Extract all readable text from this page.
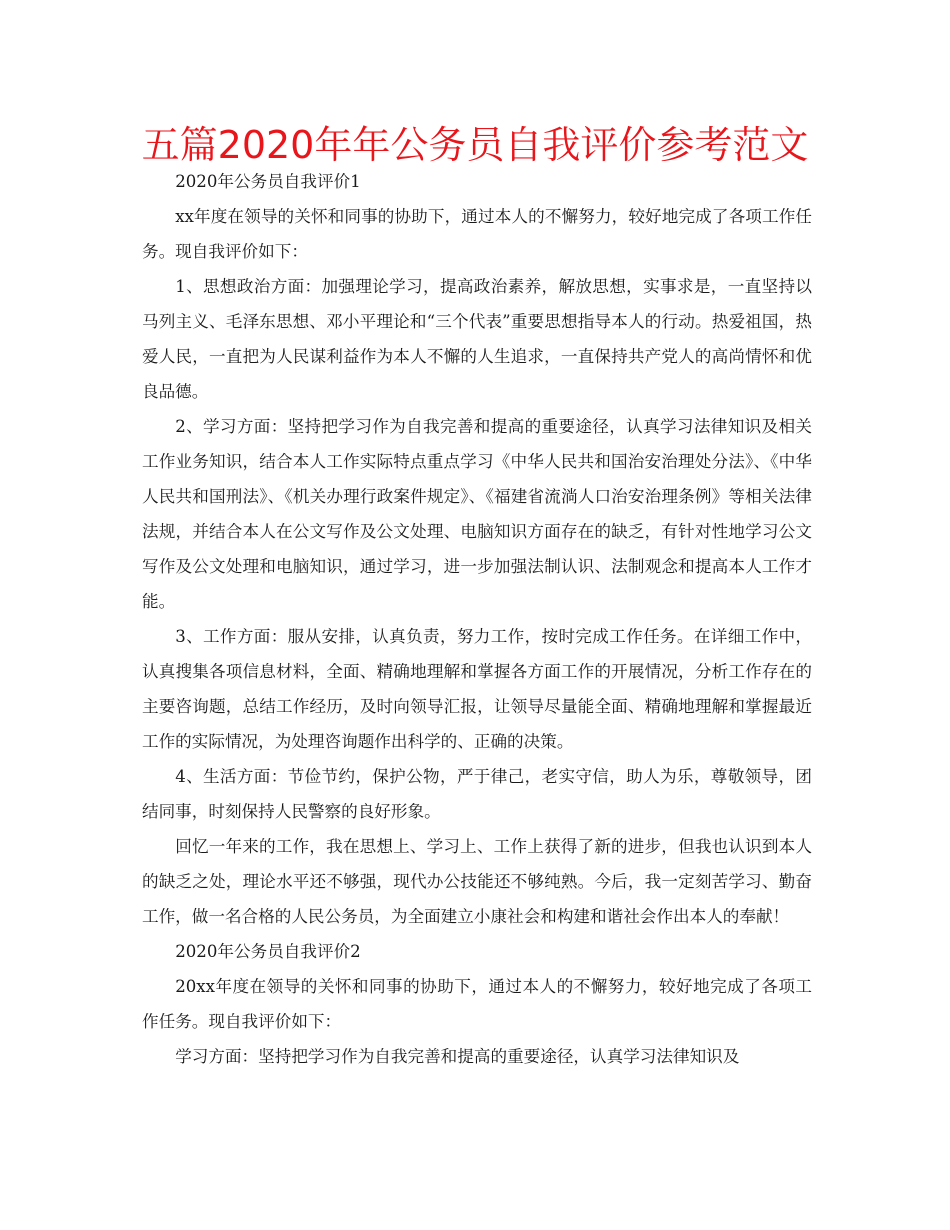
五篇2020年年公务员自我评价参考范文

2020年公务员自我评价1

xx年度在领导的关怀和同事的协助下，通过本人的不懈努力，较好地完成了各项工作任务。现自我评价如下：

1、思想政治方面：加强理论学习，提高政治素养，解放思想，实事求是，一直坚持以马列主义、毛泽东思想、邓小平理论和“三个代表”重要思想指导本人的行动。热爱祖国，热爱人民，一直把为人民谋利益作为本人不懈的人生追求，一直保持共产党人的高尚情怀和优良品德。

2、学习方面：坚持把学习作为自我完善和提高的重要途径，认真学习法律知识及相关工作业务知识，结合本人工作实际特点重点学习《中华人民共和国治安治理处分法》、《中华人民共和国刑法》、《机关办理行政案件规定》、《福建省流淌人口治安治理条例》等相关法律法规，并结合本人在公文写作及公文处理、电脑知识方面存在的缺乏，有针对性地学习公文写作及公文处理和电脑知识，通过学习，进一步加强法制认识、法制观念和提高本人工作才能。

3、工作方面：服从安排，认真负责，努力工作，按时完成工作任务。在详细工作中，认真搜集各项信息材料，全面、精确地理解和掌握各方面工作的开展情况，分析工作存在的主要咨询题，总结工作经历，及时向领导汇报，让领导尽量能全面、精确地理解和掌握最近工作的实际情况，为处理咨询题作出科学的、正确的决策。

4、生活方面：节俭节约，保护公物，严于律己，老实守信，助人为乐，尊敬领导，团结同事，时刻保持人民警察的良好形象。

回忆一年来的工作，我在思想上、学习上、工作上获得了新的进步，但我也认识到本人的缺乏之处，理论水平还不够强，现代办公技能还不够纯熟。今后，我一定刻苦学习、勤奋工作，做一名合格的人民公务员，为全面建立小康社会和构建和谐社会作出本人的奉献！

2020年公务员自我评价2

20xx年度在领导的关怀和同事的协助下，通过本人的不懈努力，较好地完成了各项工作任务。现自我评价如下：

学习方面：坚持把学习作为自我完善和提高的重要途径，认真学习法律知识及
